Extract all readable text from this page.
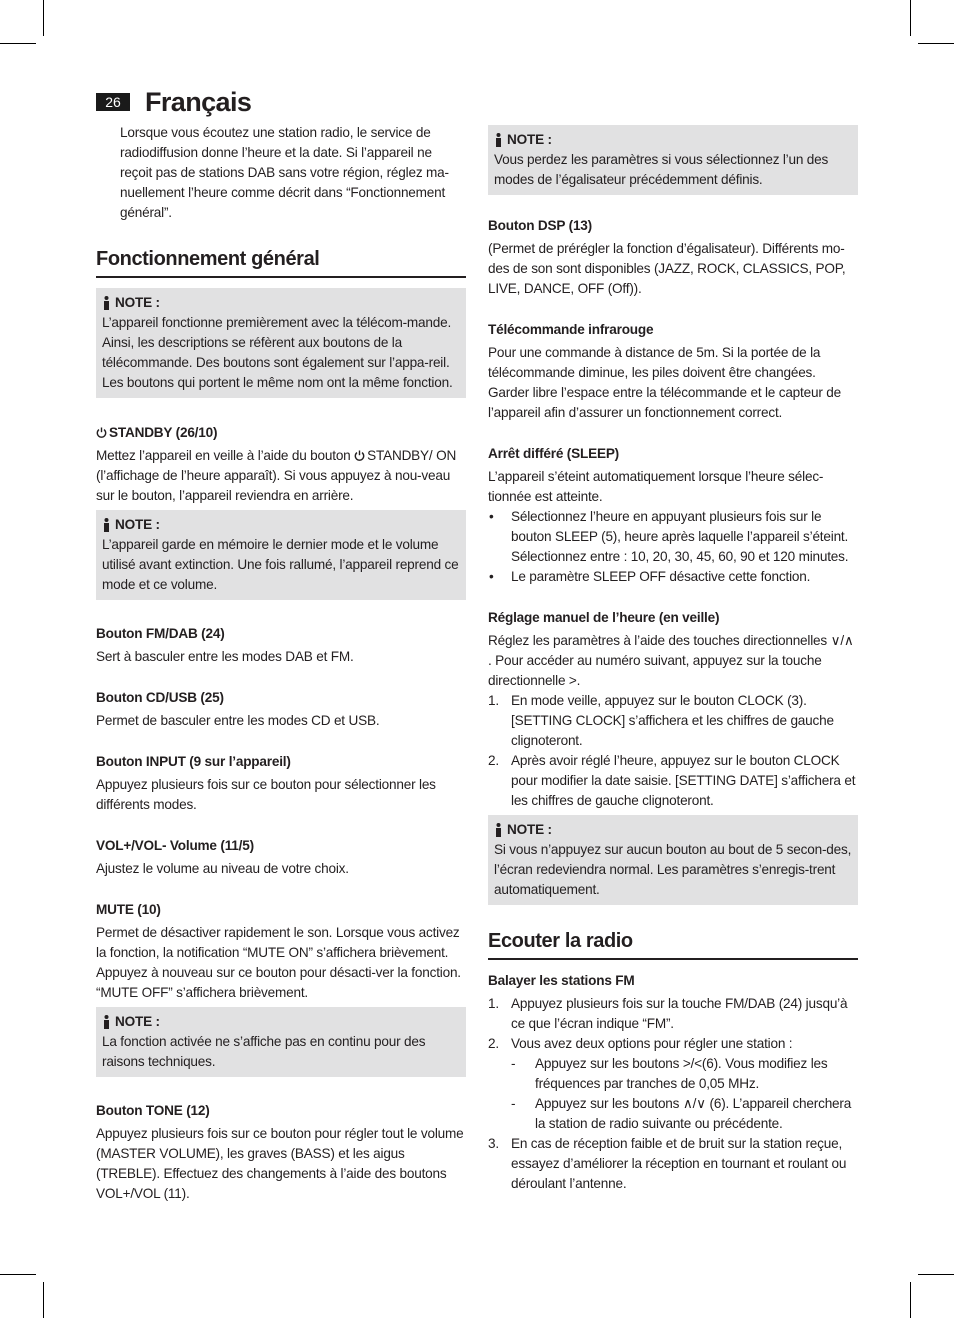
26 Français

Lorsque vous écoutez une station radio, le service de radiodiffusion donne l’heure et la date. Si l’appareil ne reçoit pas de stations DAB sans votre région, réglez ma-nuellement l’heure comme décrit dans “Fonctionnement général”.

Fonctionnement général
NOTE :

L’appareil fonctionne premièrement avec la télécom-mande. Ainsi, les descriptions se réfèrent aux boutons de la télécommande. Des boutons sont également sur l’appa-reil. Les boutons qui portent le même nom ont la même fonction.

STANDBY (26/10)

Mettez l’appareil en veille à l’aide du bouton STANDBY/ ON (l’affichage de l’heure apparaît). Si vous appuyez à nou-veau sur le bouton, l’appareil reviendra en arrière.

NOTE :

L’appareil garde en mémoire le dernier mode et le volume utilisé avant extinction. Une fois rallumé, l’appareil reprend ce mode et ce volume.

Bouton FM/DAB (24)

Sert à basculer entre les modes DAB et FM.

Bouton CD/USB (25)

Permet de basculer entre les modes CD et USB.

Bouton INPUT (9 sur l’appareil)

Appuyez plusieurs fois sur ce bouton pour sélectionner les différents modes.

VOL+/VOL- Volume (11/5)

Ajustez le volume au niveau de votre choix.

MUTE (10)

Permet de désactiver rapidement le son. Lorsque vous activez la fonction, la notification “MUTE ON” s’affichera brièvement. Appuyez à nouveau sur ce bouton pour désacti-ver la fonction. “MUTE OFF” s’affichera brièvement.

NOTE :

La fonction activée ne s’affiche pas en continu pour des raisons techniques.

Bouton TONE (12)

Appuyez plusieurs fois sur ce bouton pour régler tout le volume (MASTER VOLUME), les graves (BASS) et les aigus (TREBLE). Effectuez des changements à l’aide des boutons VOL+/VOL (11).

NOTE :

Vous perdez les paramètres si vous sélectionnez l’un des modes de l’égalisateur précédemment définis.

Bouton DSP (13)

(Permet de prérégler la fonction d’égalisateur). Différents mo-des de son sont disponibles (JAZZ, ROCK, CLASSICS, POP, LIVE, DANCE, OFF (Off)).

Télécommande infrarouge

Pour une commande à distance de 5m. Si la portée de la télécommande diminue, les piles doivent être changées. Garder libre l’espace entre la télécommande et le capteur de l’appareil afin d’assurer un fonctionnement correct.

Arrêt différé (SLEEP)

L’appareil s’éteint automatiquement lorsque l’heure sélec-tionnée est atteinte.

• Sélectionnez l’heure en appuyant plusieurs fois sur le bouton SLEEP (5), heure après laquelle l’appareil s’éteint. Sélectionnez entre : 10, 20, 30, 45, 60, 90 et 120 minutes.
• Le paramètre SLEEP OFF désactive cette fonction.
Réglage manuel de l’heure (en veille)

Réglez les paramètres à l’aide des touches directionnelles ∨/∧ . Pour accéder au numéro suivant, appuyez sur la touche directionnelle >.

1. En mode veille, appuyez sur le bouton CLOCK (3). [SETTING CLOCK] s’affichera et les chiffres de gauche clignoteront.
2. Après avoir réglé l’heure, appuyez sur le bouton CLOCK pour modifier la date saisie. [SETTING DATE] s’affichera et les chiffres de gauche clignoteront.
NOTE :

Si vous n’appuyez sur aucun bouton au bout de 5 secon-des, l’écran redeviendra normal. Les paramètres s’enregis-trent automatiquement.

Ecouter la radio
Balayer les stations FM
1. Appuyez plusieurs fois sur la touche FM/DAB (24) jusqu’à ce que l’écran indique “FM”.
2. Vous avez deux options pour régler une station :
- Appuyez sur les boutons >/<(6). Vous modifiez les fréquences par tranches de 0,05 MHz.
- Appuyez sur les boutons ∧/∨ (6). L’appareil cherchera la station de radio suivante ou précédente.
3. En cas de réception faible et de bruit sur la station reçue, essayez d’améliorer la réception en tournant et roulant ou déroulant l’antenne.
